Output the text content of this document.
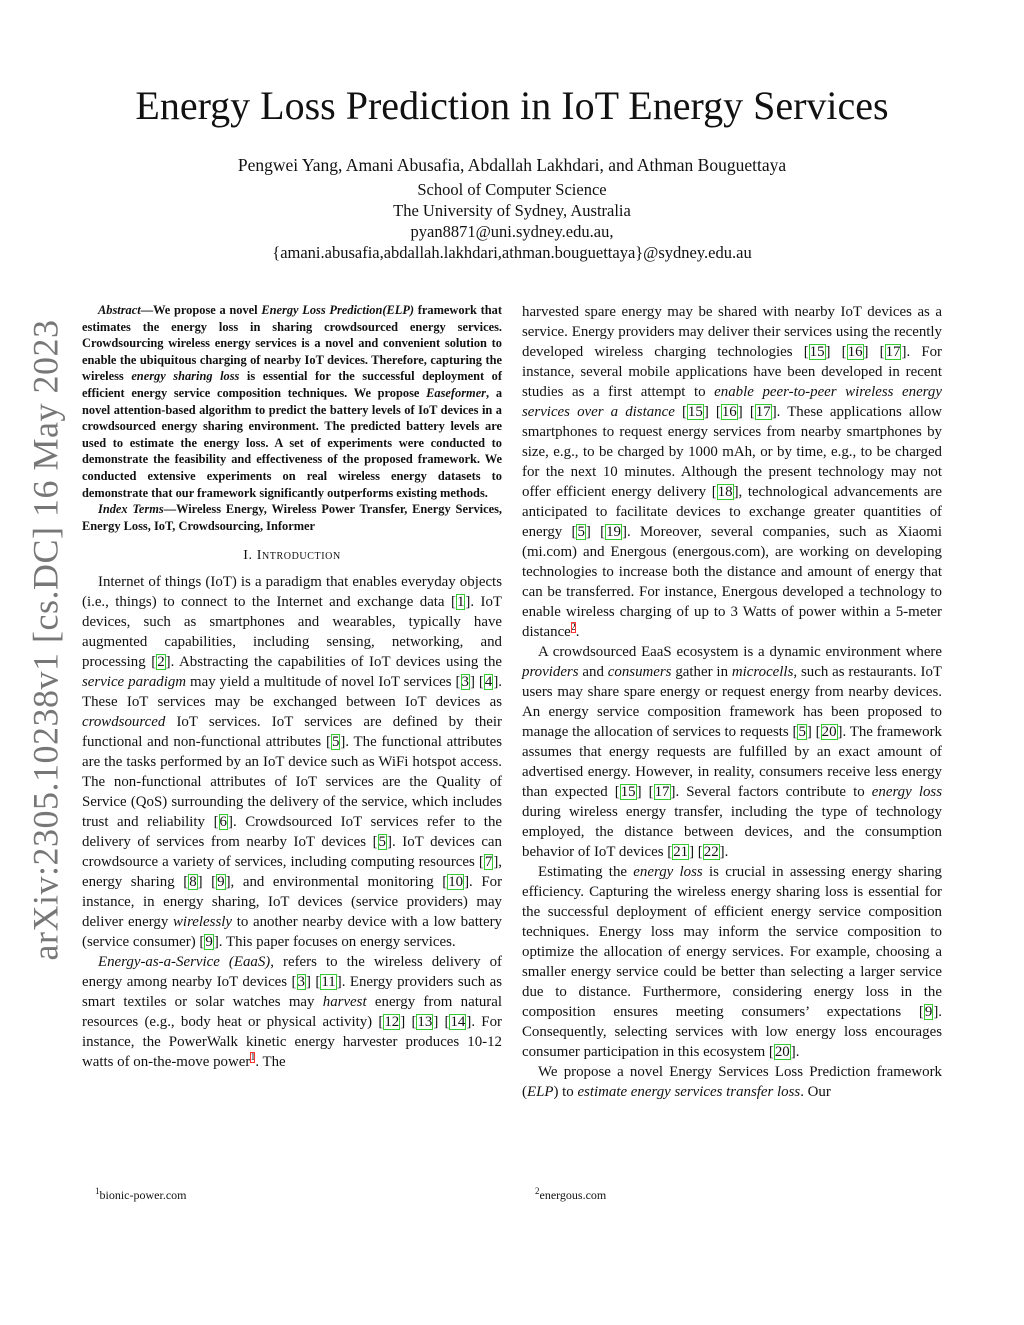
arXiv:2305.10238v1 [cs.DC] 16 May 2023
Energy Loss Prediction in IoT Energy Services
Pengwei Yang, Amani Abusafia, Abdallah Lakhdari, and Athman Bouguettaya
School of Computer Science
The University of Sydney, Australia
pyan8871@uni.sydney.edu.au,
{amani.abusafia,abdallah.lakhdari,athman.bouguettaya}@sydney.edu.au

Abstract—We propose a novel Energy Loss Prediction(ELP) framework that estimates the energy loss in sharing crowdsourced energy services. Crowdsourcing wireless energy services is a novel and convenient solution to enable the ubiquitous charging of nearby IoT devices. Therefore, capturing the wireless energy sharing loss is essential for the successful deployment of efficient energy service composition techniques. We propose Easeformer, a novel attention-based algorithm to predict the battery levels of IoT devices in a crowdsourced energy sharing environment. The predicted battery levels are used to estimate the energy loss. A set of experiments were conducted to demonstrate the feasibility and effectiveness of the proposed framework. We conducted extensive experiments on real wireless energy datasets to demonstrate that our framework significantly outperforms existing methods.

Index Terms—Wireless Energy, Wireless Power Transfer, Energy Services, Energy Loss, IoT, Crowdsourcing, Informer

I. Introduction

Internet of things (IoT) is a paradigm that enables everyday objects (i.e., things) to connect to the Internet and exchange data [1]. IoT devices, such as smartphones and wearables, typically have augmented capabilities, including sensing, networking, and processing [2]. Abstracting the capabilities of IoT devices using the service paradigm may yield a multitude of novel IoT services [3] [4]. These IoT services may be exchanged between IoT devices as crowdsourced IoT services. IoT services are defined by their functional and non-functional attributes [5]. The functional attributes are the tasks performed by an IoT device such as WiFi hotspot access. The non-functional attributes of IoT services are the Quality of Service (QoS) surrounding the delivery of the service, which includes trust and reliability [6]. Crowdsourced IoT services refer to the delivery of services from nearby IoT devices [5]. IoT devices can crowdsource a variety of services, including computing resources [7], energy sharing [8] [9], and environmental monitoring [10]. For instance, in energy sharing, IoT devices (service providers) may deliver energy wirelessly to another nearby device with a low battery (service consumer) [9]. This paper focuses on energy services.

Energy-as-a-Service (EaaS), refers to the wireless delivery of energy among nearby IoT devices [3] [11]. Energy providers such as smart textiles or solar watches may harvest energy from natural resources (e.g., body heat or physical activity) [12] [13] [14]. For instance, the PowerWalk kinetic energy harvester produces 10-12 watts of on-the-move power$^1$. The

harvested spare energy may be shared with nearby IoT devices as a service. Energy providers may deliver their services using the recently developed wireless charging technologies [15] [16] [17]. For instance, several mobile applications have been developed in recent studies as a first attempt to enable peer-to-peer wireless energy services over a distance [15] [16] [17]. These applications allow smartphones to request energy services from nearby smartphones by size, e.g., to be charged by 1000 mAh, or by time, e.g., to be charged for the next 10 minutes. Although the present technology may not offer efficient energy delivery [18], technological advancements are anticipated to facilitate devices to exchange greater quantities of energy [5] [19]. Moreover, several companies, such as Xiaomi (mi.com) and Energous (energous.com), are working on developing technologies to increase both the distance and amount of energy that can be transferred. For instance, Energous developed a technology to enable wireless charging of up to 3 Watts of power within a 5-meter distance$^2$.

A crowdsourced EaaS ecosystem is a dynamic environment where providers and consumers gather in microcells, such as restaurants. IoT users may share spare energy or request energy from nearby devices. An energy service composition framework has been proposed to manage the allocation of services to requests [5] [20]. The framework assumes that energy requests are fulfilled by an exact amount of advertised energy. However, in reality, consumers receive less energy than expected [15] [17]. Several factors contribute to energy loss during wireless energy transfer, including the type of technology employed, the distance between devices, and the consumption behavior of IoT devices [21] [22].

Estimating the energy loss is crucial in assessing energy sharing efficiency. Capturing the wireless energy sharing loss is essential for the successful deployment of efficient energy service composition techniques. Energy loss may inform the service composition to optimize the allocation of energy services. For example, choosing a smaller energy service could be better than selecting a larger service due to distance. Furthermore, considering energy loss in the composition ensures meeting consumers’ expectations [9]. Consequently, selecting services with low energy loss encourages consumer participation in this ecosystem [20].

We propose a novel Energy Services Loss Prediction framework (ELP) to estimate energy services transfer loss. Our

$^1$bionic-power.com	$^2$energous.com
